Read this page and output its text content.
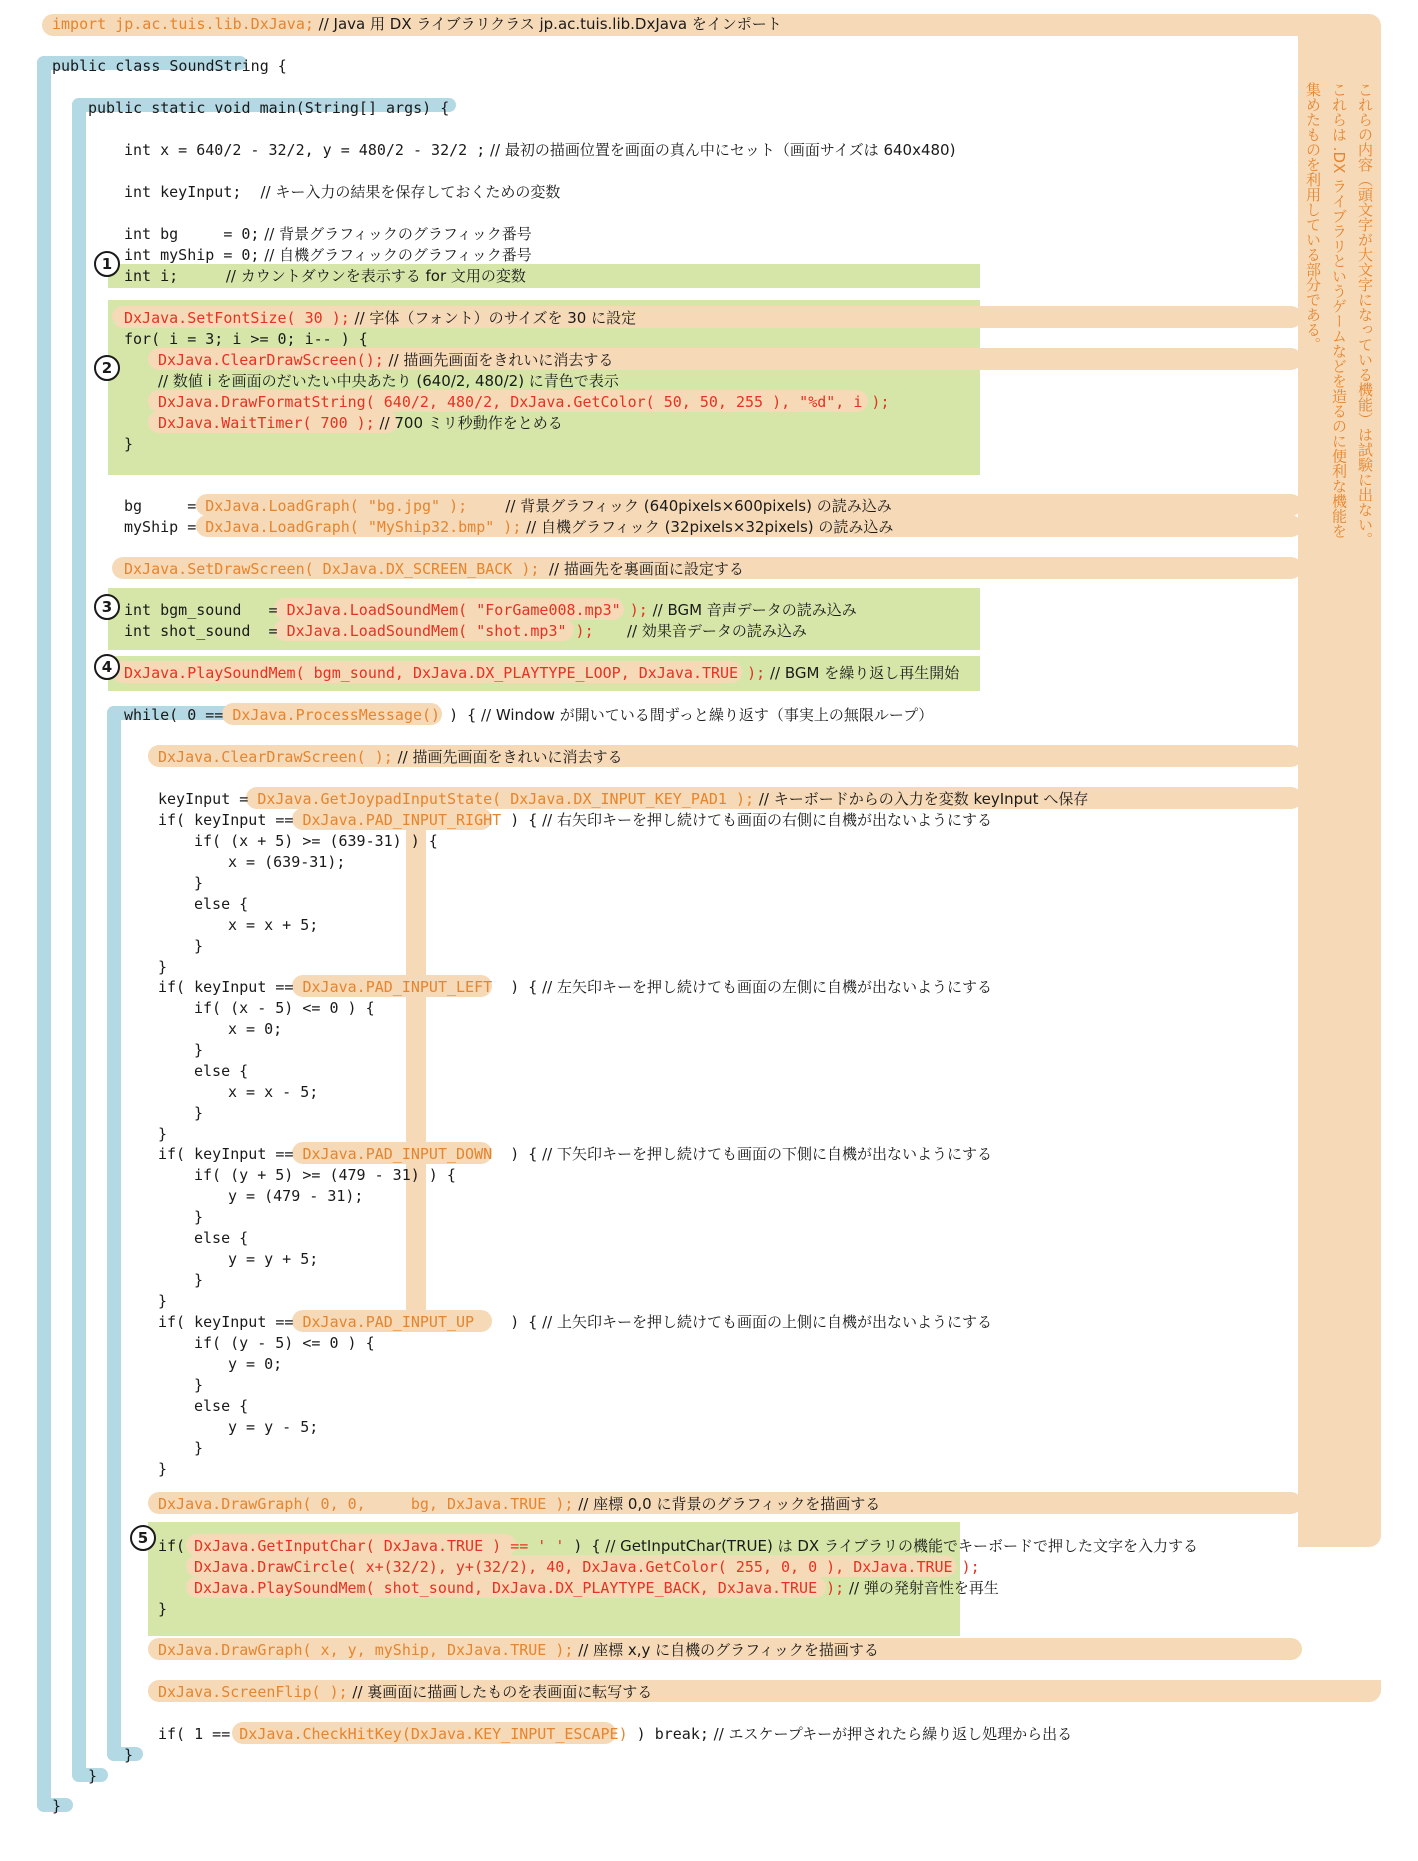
1
2
3
4
5
これらの内容（頭文字が大文字になっている機能）は試験に出ない。
これらは .DX ライブラリというゲームなどを造るのに便利な機能を
集めたものを利用している部分である。
import jp.ac.tuis.lib.DxJava; // Java 用 DX ライブラリクラス jp.ac.tuis.lib.DxJava をインポート
public class SoundString {
public static void main(String[] args) {
int x = 640/2 - 32/2, y = 480/2 - 32/2 ; // 最初の描画位置を画面の真ん中にセット（画面サイズは 640x480)
int keyInput;    // キー入力の結果を保存しておくための変数
int bg     = 0; // 背景グラフィックのグラフィック番号
int myShip = 0; // 自機グラフィックのグラフィック番号
int i;          // カウントダウンを表示する for 文用の変数
DxJava.SetFontSize( 30 ); // 字体（フォント）のサイズを 30 に設定
for( i = 3; i >= 0; i-- ) {
DxJava.ClearDrawScreen(); // 描画先画面をきれいに消去する
// 数値 i を画面のだいたい中央あたり (640/2, 480/2) に青色で表示
DxJava.DrawFormatString( 640/2, 480/2, DxJava.GetColor( 50, 50, 255 ), "%d", i );
DxJava.WaitTimer( 700 ); // 700 ミリ秒動作をとめる
}
bg     = DxJava.LoadGraph( "bg.jpg" );        // 背景グラフィック (640pixels×600pixels) の読み込み
myShip = DxJava.LoadGraph( "MyShip32.bmp" ); // 自機グラフィック (32pixels×32pixels) の読み込み
DxJava.SetDrawScreen( DxJava.DX_SCREEN_BACK );  // 描画先を裏画面に設定する
int bgm_sound   = DxJava.LoadSoundMem( "ForGame008.mp3" ); // BGM 音声データの読み込み
int shot_sound  = DxJava.LoadSoundMem( "shot.mp3" );       // 効果音データの読み込み
DxJava.PlaySoundMem( bgm_sound, DxJava.DX_PLAYTYPE_LOOP, DxJava.TRUE ); // BGM を繰り返し再生開始
while( 0 == DxJava.ProcessMessage() ) { // Window が開いている間ずっと繰り返す（事実上の無限ループ）
DxJava.ClearDrawScreen( ); // 描画先画面をきれいに消去する
keyInput = DxJava.GetJoypadInputState( DxJava.DX_INPUT_KEY_PAD1 ); // キーボードからの入力を変数 keyInput へ保存
if( keyInput == DxJava.PAD_INPUT_RIGHT ) { // 右矢印キーを押し続けても画面の右側に自機が出ないようにする
if( (x + 5) >= (639-31) ) {
x = (639-31);
}
else {
x = x + 5;
}
}
if( keyInput == DxJava.PAD_INPUT_LEFT  ) { // 左矢印キーを押し続けても画面の左側に自機が出ないようにする
if( (x - 5) <= 0 ) {
x = 0;
}
else {
x = x - 5;
}
}
if( keyInput == DxJava.PAD_INPUT_DOWN  ) { // 下矢印キーを押し続けても画面の下側に自機が出ないようにする
if( (y + 5) >= (479 - 31) ) {
y = (479 - 31);
}
else {
y = y + 5;
}
}
if( keyInput == DxJava.PAD_INPUT_UP    ) { // 上矢印キーを押し続けても画面の上側に自機が出ないようにする
if( (y - 5) <= 0 ) {
y = 0;
}
else {
y = y - 5;
}
}
DxJava.DrawGraph( 0, 0,     bg, DxJava.TRUE ); // 座標 0,0 に背景のグラフィックを描画する
if( DxJava.GetInputChar( DxJava.TRUE ) == ' ' ) { // GetInputChar(TRUE) は DX ライブラリの機能でキーボードで押した文字を入力する
DxJava.DrawCircle( x+(32/2), y+(32/2), 40, DxJava.GetColor( 255, 0, 0 ), DxJava.TRUE );
DxJava.PlaySoundMem( shot_sound, DxJava.DX_PLAYTYPE_BACK, DxJava.TRUE ); // 弾の発射音性を再生
}
DxJava.DrawGraph( x, y, myShip, DxJava.TRUE ); // 座標 x,y に自機のグラフィックを描画する
DxJava.ScreenFlip( ); // 裏画面に描画したものを表画面に転写する
if( 1 == DxJava.CheckHitKey(DxJava.KEY_INPUT_ESCAPE) ) break; // エスケープキーが押されたら繰り返し処理から出る
}
}
}
